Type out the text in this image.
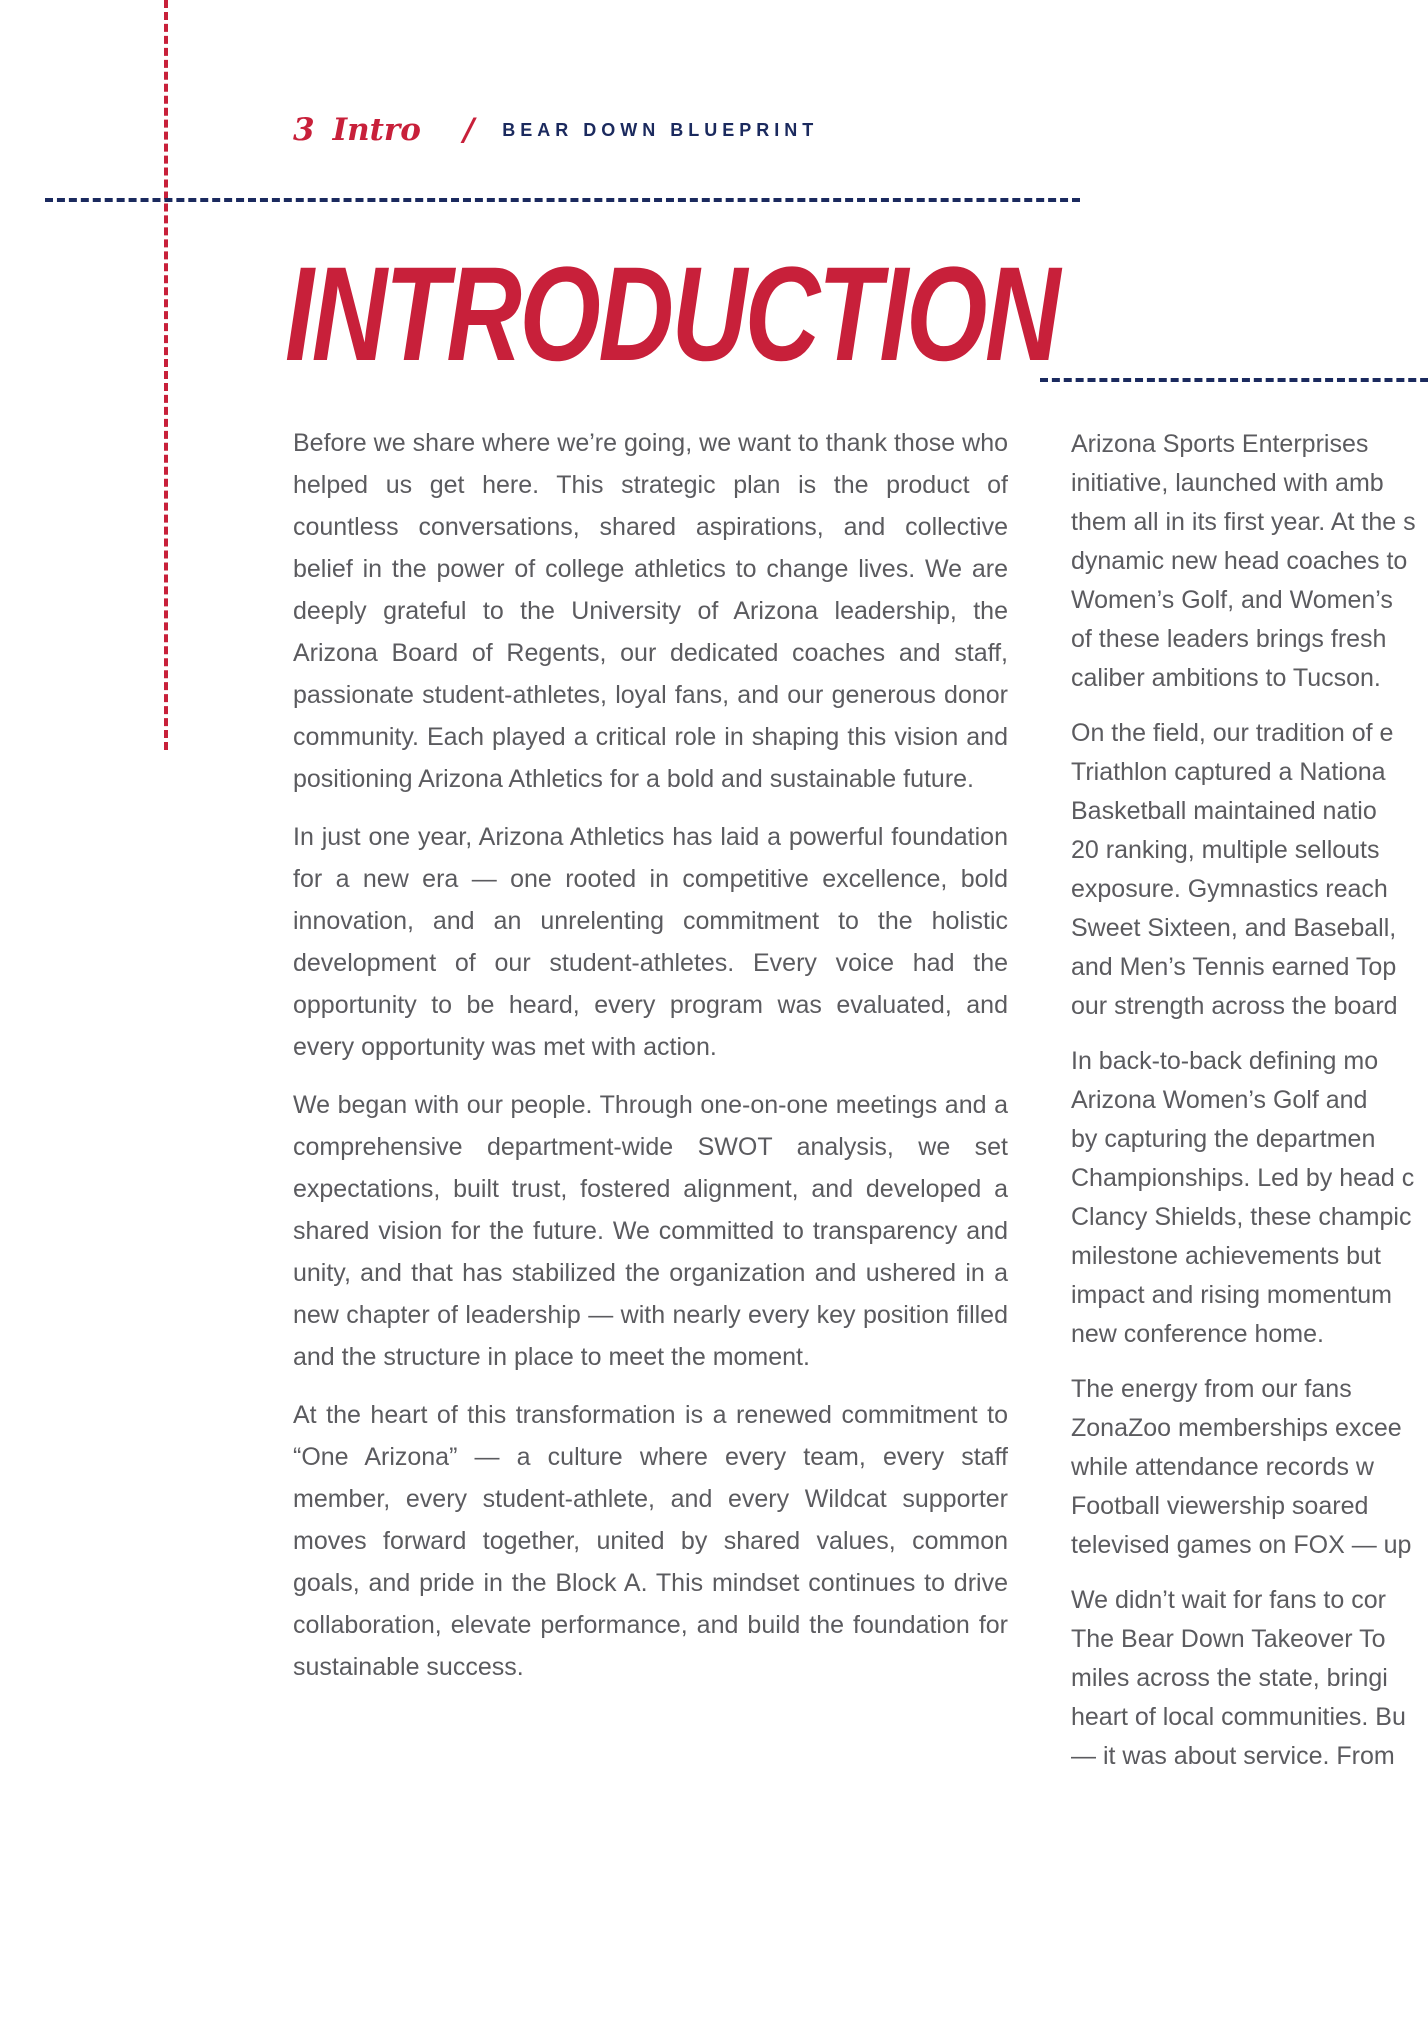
3 Intro / BEAR DOWN BLUEPRINT
INTRODUCTION

Before we share where we’re going, we want to thank those who helped us get here. This strategic plan is the product of countless conversations, shared aspirations, and collective belief in the power of college athletics to change lives. We are deeply grateful to the University of Arizona leadership, the Arizona Board of Regents, our dedicated coaches and staff, passionate student-athletes, loyal fans, and our generous donor community. Each played a critical role in shaping this vision and positioning Arizona Athletics for a bold and sustainable future.

In just one year, Arizona Athletics has laid a powerful foundation for a new era — one rooted in competitive excellence, bold innovation, and an unrelenting commitment to the holistic development of our student-athletes. Every voice had the opportunity to be heard, every program was evaluated, and every opportunity was met with action.

We began with our people. Through one-on-one meetings and a comprehensive department-wide SWOT analysis, we set expectations, built trust, fostered alignment, and developed a shared vision for the future. We committed to transparency and unity, and that has stabilized the organization and ushered in a new chapter of leadership — with nearly every key position filled and the structure in place to meet the moment.

At the heart of this transformation is a renewed commitment to “One Arizona” — a culture where every team, every staff member, every student-athlete, and every Wildcat supporter moves forward together, united by shared values, common goals, and pride in the Block A. This mindset continues to drive collaboration, elevate performance, and build the foundation for sustainable success.

Arizona Sports Enterprises
initiative, launched with amb
them all in its first year. At the s
dynamic new head coaches to
Women’s Golf, and Women’s
of these leaders brings fresh
caliber ambitions to Tucson.

On the field, our tradition of e
Triathlon captured a Nationa
Basketball maintained natio
20 ranking, multiple sellouts
exposure. Gymnastics reach
Sweet Sixteen, and Baseball,
and Men’s Tennis earned Top
our strength across the board

In back-to-back defining mo
Arizona Women’s Golf and
by capturing the departmen
Championships. Led by head c
Clancy Shields, these champic
milestone achievements but
impact and rising momentum
new conference home.

The energy from our fans
ZonaZoo memberships excee
while attendance records w
Football viewership soared
televised games on FOX — up

We didn’t wait for fans to cor
The Bear Down Takeover To
miles across the state, bringi
heart of local communities. Bu
— it was about service. From
